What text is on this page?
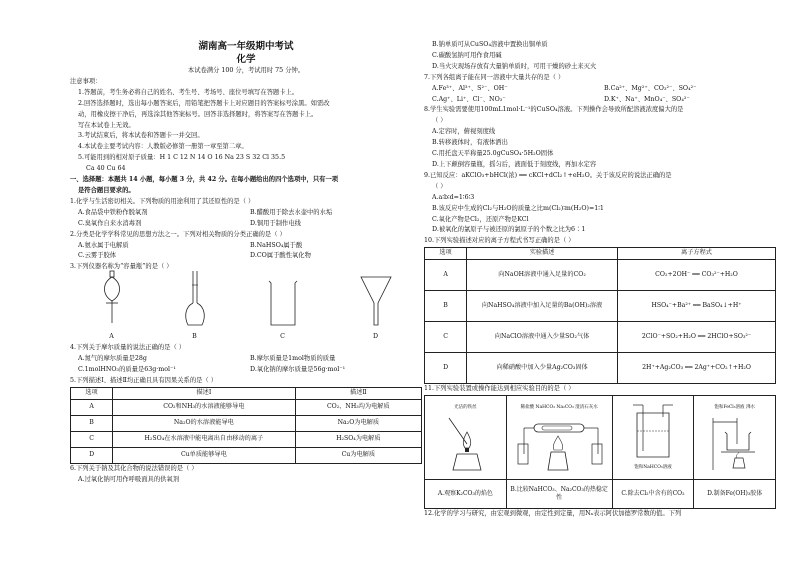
湖南高一年级期中考试
化学
本试卷满分 100 分，考试用时 75 分钟。
注意事项：
1.答题前，考生务必将自己的姓名、考生号、考场号、座位号填写在答题卡上。
2.回答选择题时，选出每小题答案后，用铅笔把答题卡上对应题目的答案标号涂黑。如需改
动，用橡皮擦干净后，再选涂其他答案标号。回答非选择题时，将答案写在答题卡上。
写在本试卷上无效。
3.考试结束后，将本试卷和答题卡一并交回。
4.本试卷主要考试内容：人教版必修第一册第一章至第二章。
5.可能用到的相对原子质量：H 1 C 12 N 14 O 16 Na 23 S 32 Cl 35.5
Ca 40 Cu 64
一、选择题：本题共 14 小题，每小题 3 分，共 42 分。在每小题给出的四个选项中，只有一项
是符合题目要求的。
1.化学与生活密切相关。下列物质的用途利用了其还原性的是（ ）
A.食品袋中铁粉作脱氧剂	B.醋酸用于除去水壶中的水垢
C.臭氧作自来水消毒剂	D.铜用于制作电线
2.分类是化学学科常见的思想方法之一。下列对相关物质的分类正确的是（ ）
A.氨水属于电解质	B.NaHSO₄属于酸
C.云雾于胶体	D.CO属于酸性氧化物
3.下列仪器名称为“容量瓶”的是（ ）
A	B	C	D
4.下列关于摩尔质量的说法正确的是（ ）
A.氮气的摩尔质量是28g	B.摩尔质量是1mol物质的质量
C.1molHNO₃的质量是63g·mol⁻¹	D.氧化钠的摩尔质量是56g·mol⁻¹
5.下列描述Ⅰ、描述Ⅱ均正确且具有因果关系的是（ ）
选项	描述Ⅰ	描述Ⅱ
A	CO₂和NH₃的水溶液能够导电	CO₂、NH₃均为电解质
B	Na₂O的水溶液能导电	Na₂O为电解质
C	H₂SO₄在水溶液中能电离出自由移动的离子	H₂SO₄为电解质
D	Cu单质能够导电	Cu为电解质
6.下列关于钠及其化合物的说法错误的是（ ）
A.过氧化钠可用作呼吸面具的供氧剂
B.钠单质可从CuSO₄溶液中置换出铜单质
C.碳酸氢钠可用作食用碱
D.当火灾现场存放有大量钠单质时，可用干燥的砂土来灭火
7.下列各组离子能在同一溶液中大量共存的是（ ）
A.Fe³⁺、Al³⁺、S²⁻、OH⁻	B.Ca²⁺、Mg²⁺、CO₃²⁻、SO₄²⁻
C.Ag⁺、Li⁺、Cl⁻、NO₃⁻	D.K⁺、Na⁺、MnO₄⁻、SO₄²⁻
8.学生实验需要使用100mL1mol·L⁻¹的CuSO₄溶液。下列操作会导致所配溶液浓度偏大的是
（ ）
A.定容时，俯视刻度线
B.转移液体时，有液体洒出
C.用托盘天平称量25.0gCuSO₄·5H₂O固体
D.上下颠倒容量瓶，摇匀后，液面低于刻度线，再加水定容
9.已知反应：aKClO₃+bHCl(浓) ══ cKCl+dCl₂↑+eH₂O。关于该反应的说法正确的是
（ ）
A.a∶b∶d=1∶6∶3
B.该反应中生成的Cl₂与H₂O的质量之比m(Cl₂)∶m(H₂O)=1∶1
C.氧化产物是Cl₂，还原产物是KCl
D.被氧化的氯原子与被还原的氯原子的个数之比为6∶1
10.下列实验描述对应的离子方程式书写正确的是（ ）
选项	实验描述	离子方程式
A	向NaOH溶液中通入足量的CO₂	CO₂+2OH⁻ ══ CO₃²⁻+H₂O
B	向NaHSO₄溶液中加入足量的Ba(OH)₂溶液	HSO₄⁻+Ba²⁺ ══ BaSO₄↓+H⁺
C	向NaClO溶液中通入少量SO₂气体	2ClO⁻+SO₂+H₂O ══ 2HClO+SO₃²⁻
D	向稀硝酸中加入少量Ag₂CO₃固体	2H⁺+Ag₂CO₃ ══ 2Ag⁺+CO₂↑+H₂O
11.下列实验装置或操作能达到相应实验目的的是（ ）
光洁的铁丝
A.观察K₂CO₃的焰色
稀盐酸 NaHCO₃ Na₂CO₃ 澄清石灰水
B.比较NaHCO₃、Na₂CO₃的热稳定性
饱和NaHCO₃溶液
C.除去Cl₂中含有的CO₂
饱和FeCl₃溶液 沸水
D.制备Fe(OH)₃胶体
12.化学的学习与研究，由宏观到微观，由定性到定量，用Nₐ表示阿伏加德罗常数的值。下列
